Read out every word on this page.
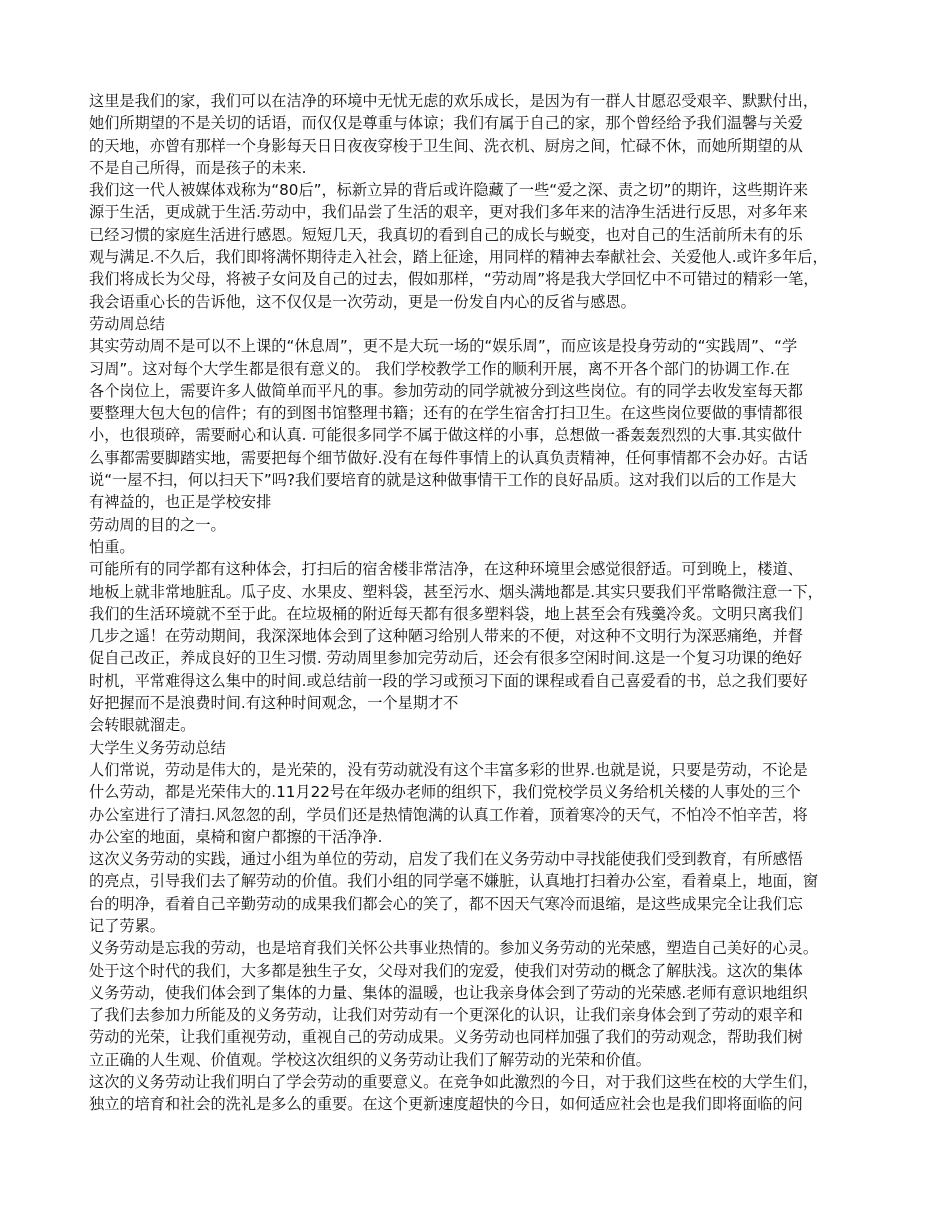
这里是我们的家，我们可以在洁净的环境中无忧无虑的欢乐成长，是因为有一群人甘愿忍受艰辛、默默付出，
她们所期望的不是关切的话语，而仅仅是尊重与体谅；我们有属于自己的家，那个曾经给予我们温馨与关爱
的天地，亦曾有那样一个身影每天日日夜夜穿梭于卫生间、洗衣机、厨房之间，忙碌不休，而她所期望的从
不是自己所得，而是孩子的未来.
我们这一代人被媒体戏称为“80后”，标新立异的背后或许隐藏了一些“爱之深、责之切”的期许，这些期许来
源于生活，更成就于生活.劳动中，我们品尝了生活的艰辛，更对我们多年来的洁净生活进行反思，对多年来
已经习惯的家庭生活进行感恩。短短几天，我真切的看到自己的成长与蜕变，也对自己的生活前所未有的乐
观与满足.不久后，我们即将满怀期待走入社会，踏上征途，用同样的精神去奉献社会、关爱他人.或许多年后，
我们将成长为父母，将被子女问及自己的过去，假如那样，“劳动周”将是我大学回忆中不可错过的精彩一笔，
我会语重心长的告诉他，这不仅仅是一次劳动，更是一份发自内心的反省与感恩。
劳动周总结
其实劳动周不是可以不上课的“休息周”，更不是大玩一场的“娱乐周”，而应该是投身劳动的“实践周”、“学
习周”。这对每个大学生都是很有意义的。 我们学校教学工作的顺利开展，离不开各个部门的协调工作.在
各个岗位上，需要许多人做简单而平凡的事。参加劳动的同学就被分到这些岗位。有的同学去收发室每天都
要整理大包大包的信件；有的到图书馆整理书籍；还有的在学生宿舍打扫卫生。在这些岗位要做的事情都很
小，也很琐碎，需要耐心和认真. 可能很多同学不属于做这样的小事，总想做一番轰轰烈烈的大事.其实做什
么事都需要脚踏实地，需要把每个细节做好.没有在每件事情上的认真负责精神，任何事情都不会办好。古话
说“一屋不扫，何以扫天下”吗?我们要培育的就是这种做事情干工作的良好品质。这对我们以后的工作是大
有裨益的，也正是学校安排
劳动周的目的之一。
怕重。
可能所有的同学都有这种体会，打扫后的宿舍楼非常洁净，在这种环境里会感觉很舒适。可到晚上，楼道、
地板上就非常地脏乱。瓜子皮、水果皮、塑料袋，甚至污水、烟头满地都是.其实只要我们平常略微注意一下，
我们的生活环境就不至于此。在垃圾桶的附近每天都有很多塑料袋，地上甚至会有残羹冷炙。文明只离我们
几步之遥！在劳动期间，我深深地体会到了这种陋习给别人带来的不便，对这种不文明行为深恶痛绝，并督
促自己改正，养成良好的卫生习惯. 劳动周里参加完劳动后，还会有很多空闲时间.这是一个复习功课的绝好
时机，平常难得这么集中的时间.或总结前一段的学习或预习下面的课程或看自己喜爱看的书，总之我们要好
好把握而不是浪费时间.有这种时间观念，一个星期才不
会转眼就溜走。
大学生义务劳动总结
人们常说，劳动是伟大的，是光荣的，没有劳动就没有这个丰富多彩的世界.也就是说，只要是劳动，不论是
什么劳动，都是光荣伟大的.11月22号在年级办老师的组织下，我们党校学员义务给机关楼的人事处的三个
办公室进行了清扫.风忽忽的刮，学员们还是热情饱满的认真工作着，顶着寒冷的天气，不怕冷不怕辛苦，将
办公室的地面，桌椅和窗户都擦的干活净净.
这次义务劳动的实践，通过小组为单位的劳动，启发了我们在义务劳动中寻找能使我们受到教育，有所感悟
的亮点，引导我们去了解劳动的价值。我们小组的同学毫不嫌脏，认真地打扫着办公室，看着桌上，地面，窗
台的明净，看着自己辛勤劳动的成果我们都会心的笑了，都不因天气寒冷而退缩，是这些成果完全让我们忘
记了劳累。
义务劳动是忘我的劳动，也是培育我们关怀公共事业热情的。参加义务劳动的光荣感，塑造自己美好的心灵。
处于这个时代的我们，大多都是独生子女，父母对我们的宠爱，使我们对劳动的概念了解肤浅。这次的集体
义务劳动，使我们体会到了集体的力量、集体的温暖，也让我亲身体会到了劳动的光荣感.老师有意识地组织
了我们去参加力所能及的义务劳动，让我们对劳动有一个更深化的认识，让我们亲身体会到了劳动的艰辛和
劳动的光荣，让我们重视劳动，重视自己的劳动成果。义务劳动也同样加强了我们的劳动观念，帮助我们树
立正确的人生观、价值观。学校这次组织的义务劳动让我们了解劳动的光荣和价值。
这次的义务劳动让我们明白了学会劳动的重要意义。在竞争如此激烈的今日，对于我们这些在校的大学生们，
独立的培育和社会的洗礼是多么的重要。在这个更新速度超快的今日，如何适应社会也是我们即将面临的问
